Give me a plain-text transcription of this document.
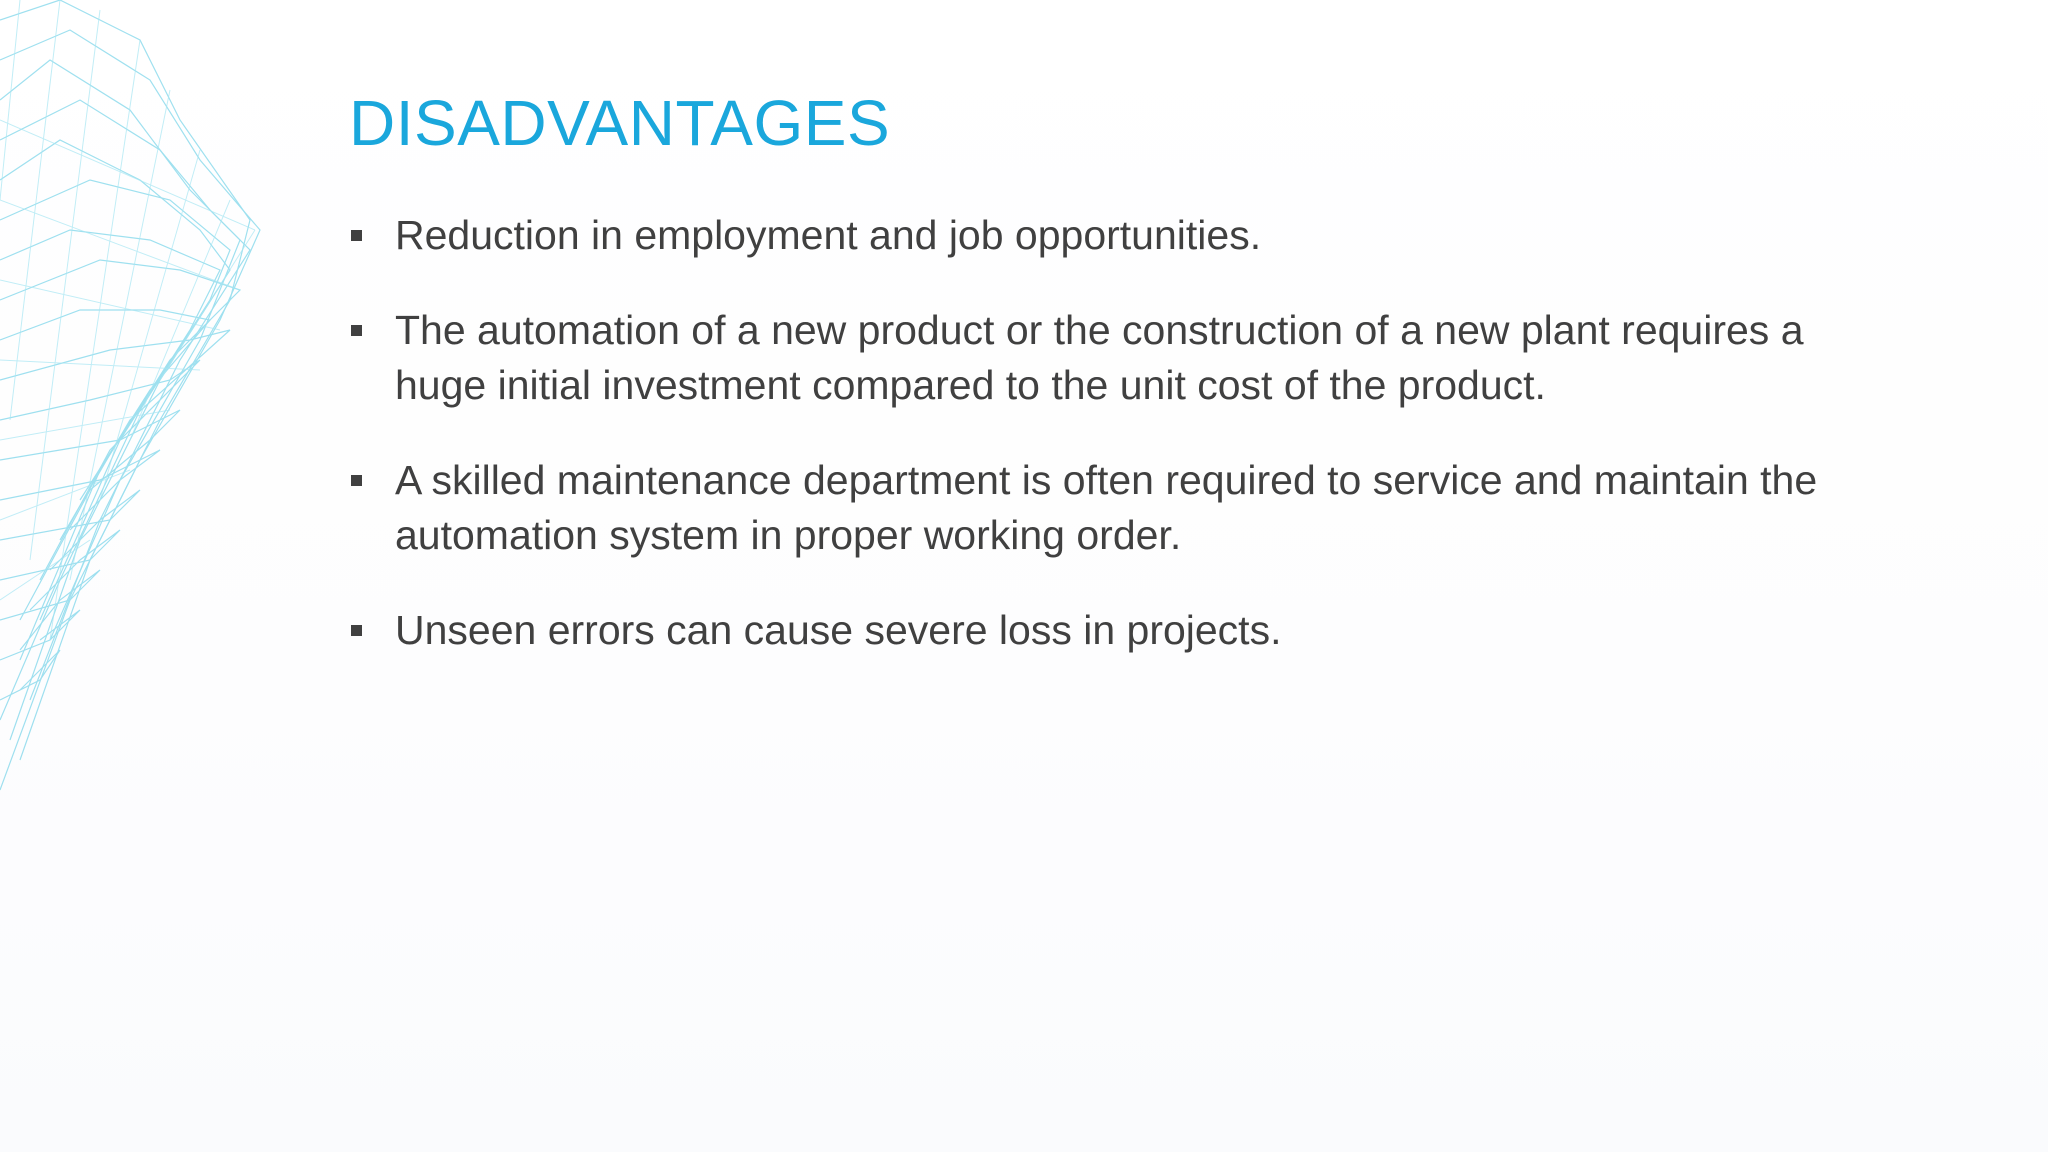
DISADVANTAGES
Reduction in employment and job opportunities.
The automation of a new product or the construction of a new plant requires a huge initial investment compared to the unit cost of the product.
A skilled maintenance department is often required to service and maintain the automation system in proper working order.
Unseen errors can cause severe loss in projects.
